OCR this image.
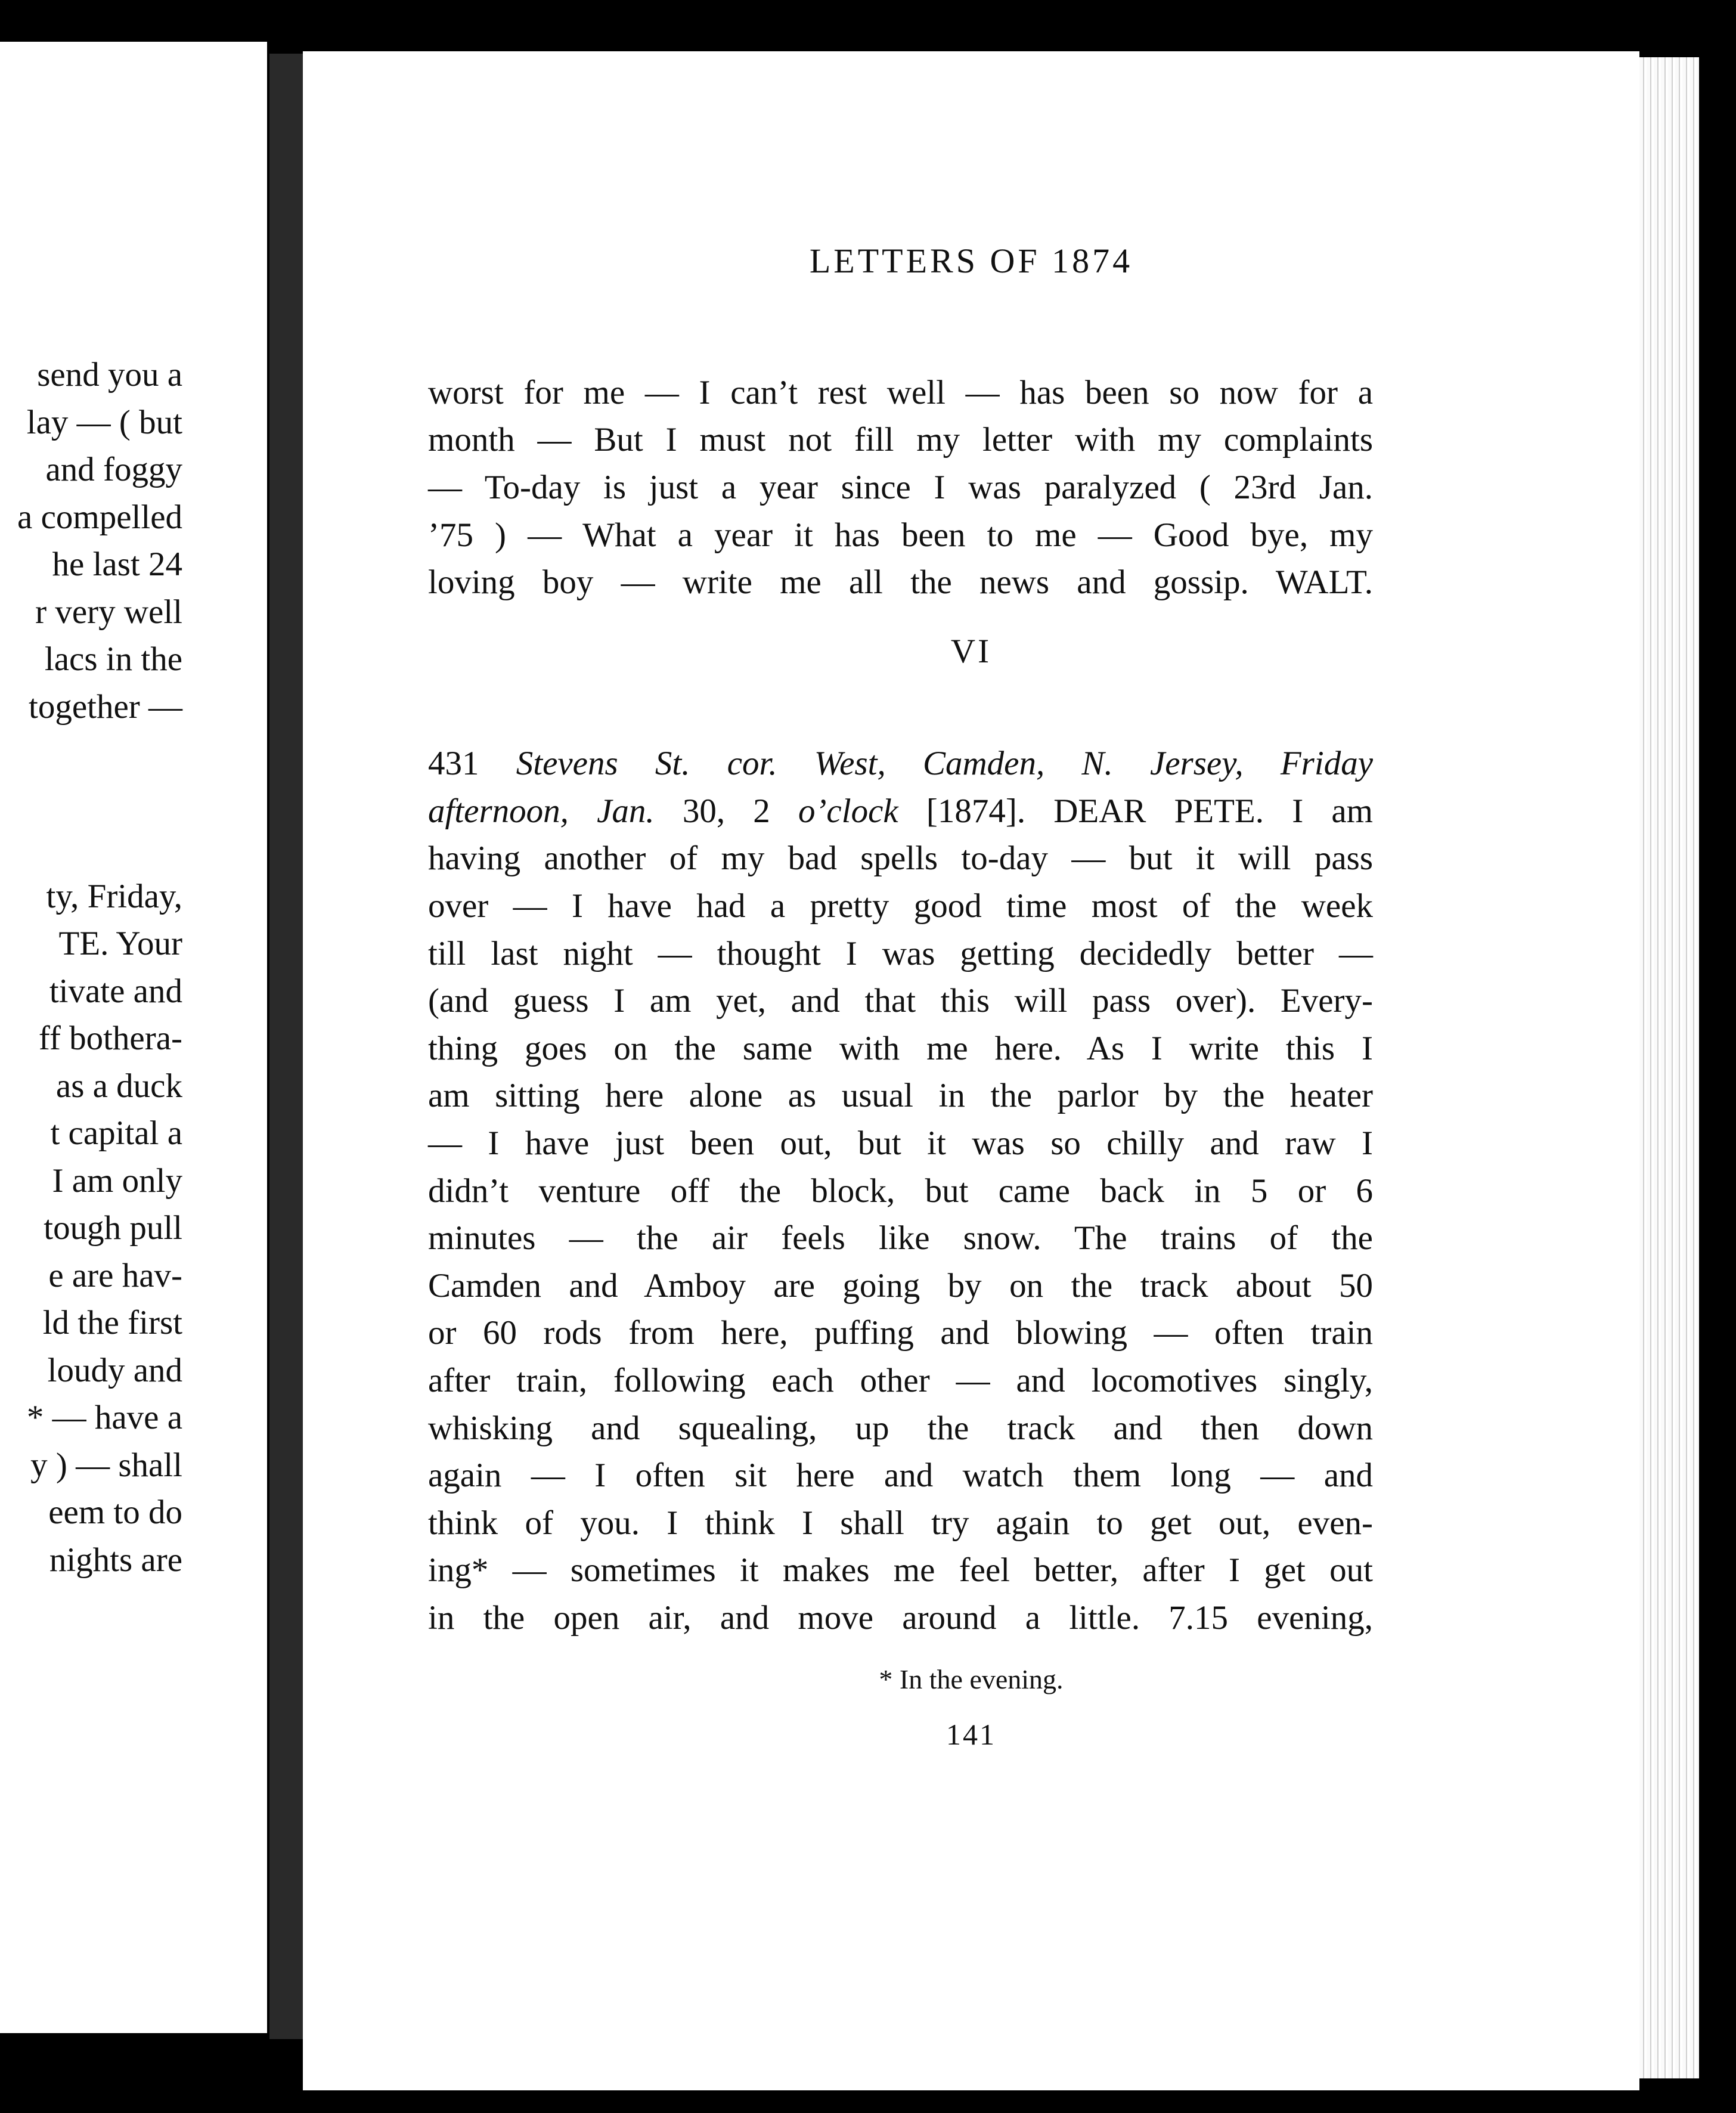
send you a
lay — ( but
and foggy
a compelled
he last 24
r very well
lacs in the
together —
ty, Friday,
TE. Your
tivate and
ff bothera-
as a duck
t capital a
I am only
tough pull
e are hav-
ld the first
loudy and
* — have a
y ) — shall
eem to do
nights are
LETTERS OF 1874
worst for me — I can’t rest well — has been so now for a
month — But I must not fill my letter with my complaints
— To-day is just a year since I was paralyzed ( 23rd Jan.
’75 ) — What a year it has been to me — Good bye, my
loving boy — write me all the news and gossip. WALT.
VI
431 Stevens St. cor. West, Camden, N. Jersey, Friday
afternoon, Jan. 30, 2 o’clock [1874]. DEAR PETE. I am
having another of my bad spells to-day — but it will pass
over — I have had a pretty good time most of the week
till last night — thought I was getting decidedly better —
(and guess I am yet, and that this will pass over). Every-
thing goes on the same with me here. As I write this I
am sitting here alone as usual in the parlor by the heater
— I have just been out, but it was so chilly and raw I
didn’t venture off the block, but came back in 5 or 6
minutes — the air feels like snow. The trains of the
Camden and Amboy are going by on the track about 50
or 60 rods from here, puffing and blowing — often train
after train, following each other — and locomotives singly,
whisking and squealing, up the track and then down
again — I often sit here and watch them long — and
think of you. I think I shall try again to get out, even-
ing* — sometimes it makes me feel better, after I get out
in the open air, and move around a little. 7.15 evening,
* In the evening.
141
